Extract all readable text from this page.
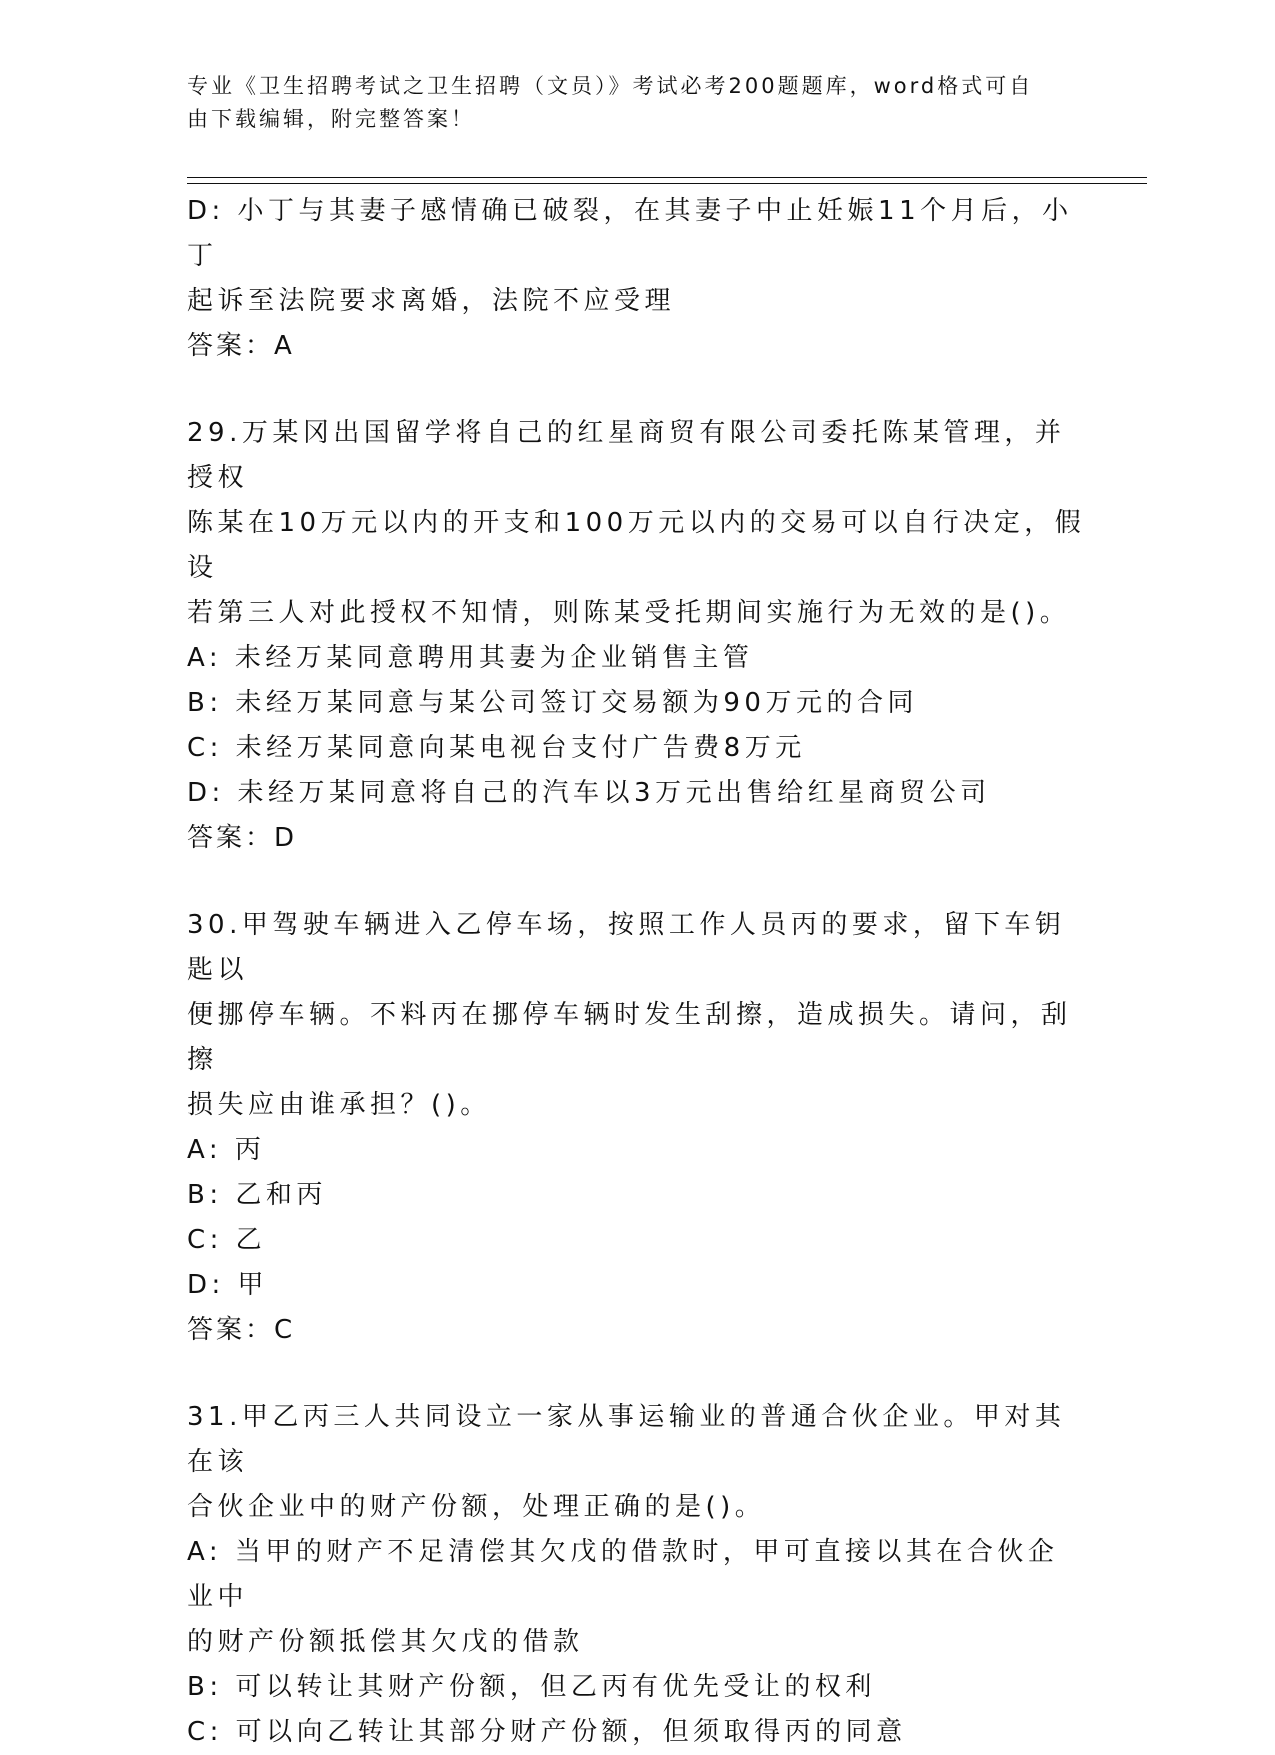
专业《卫生招聘考试之卫生招聘（文员）》考试必考200题题库，word格式可自
由下载编辑，附完整答案！

D: 小丁与其妻子感情确已破裂，在其妻子中止妊娠11个月后，小丁

起诉至法院要求离婚，法院不应受理

答案：A

29.万某冈出国留学将自己的红星商贸有限公司委托陈某管理，并授权

陈某在10万元以内的开支和100万元以内的交易可以自行决定，假设

若第三人对此授权不知情，则陈某受托期间实施行为无效的是()。

A: 未经万某同意聘用其妻为企业销售主管

B: 未经万某同意与某公司签订交易额为90万元的合同

C: 未经万某同意向某电视台支付广告费8万元

D: 未经万某同意将自己的汽车以3万元出售给红星商贸公司

答案：D

30.甲驾驶车辆进入乙停车场，按照工作人员丙的要求，留下车钥匙以

便挪停车辆。不料丙在挪停车辆时发生刮擦，造成损失。请问，刮擦

损失应由谁承担？()。

A: 丙

B: 乙和丙

C: 乙

D: 甲

答案：C

31.甲乙丙三人共同设立一家从事运输业的普通合伙企业。甲对其在该

合伙企业中的财产份额，处理正确的是()。

A: 当甲的财产不足清偿其欠戊的借款时，甲可直接以其在合伙企业中

的财产份额抵偿其欠戊的借款

B: 可以转让其财产份额，但乙丙有优先受让的权利

C: 可以向乙转让其部分财产份额，但须取得丙的同意
